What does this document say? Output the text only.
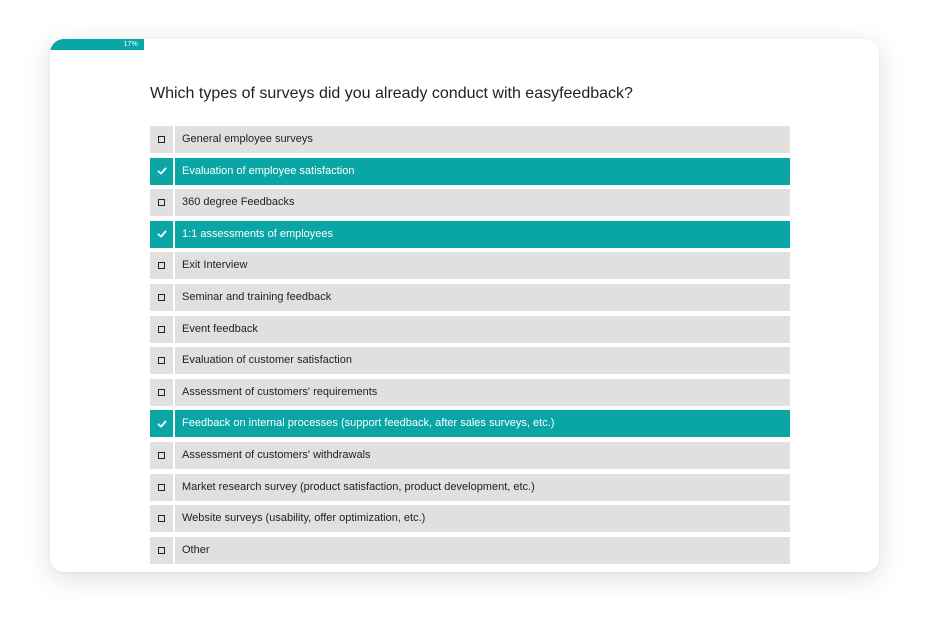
17%
Which types of surveys did you already conduct with easyfeedback?
General employee surveys
Evaluation of employee satisfaction
360 degree Feedbacks
1:1 assessments of employees
Exit Interview
Seminar and training feedback
Event feedback
Evaluation of customer satisfaction
Assessment of customers' requirements
Feedback on internal processes (support feedback, after sales surveys, etc.)
Assessment of customers' withdrawals
Market research survey (product satisfaction, product development, etc.)
Website surveys (usability, offer optimization, etc.)
Other
